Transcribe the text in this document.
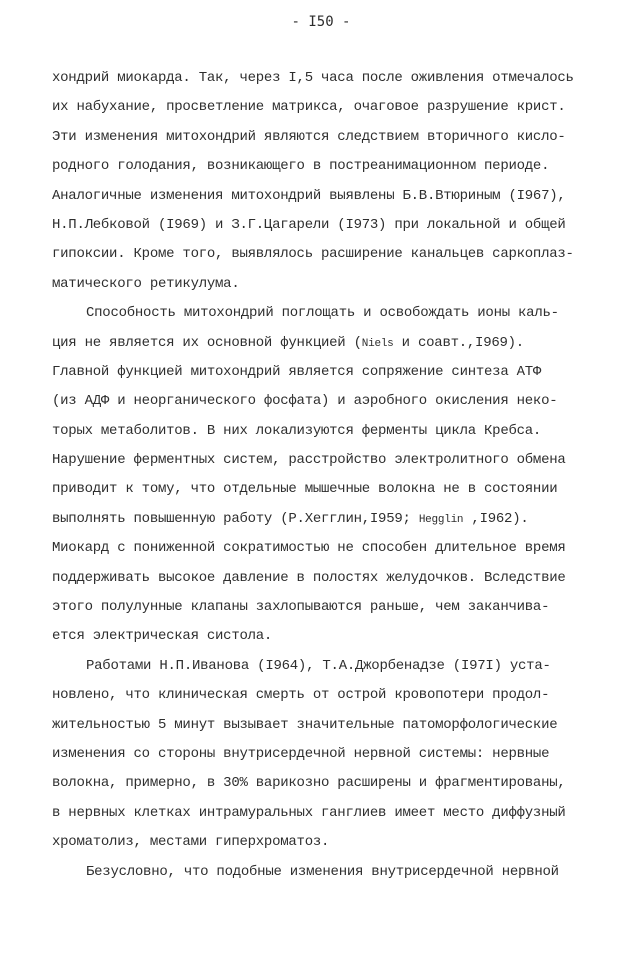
- I50 -
хондрий миокарда. Так, через I,5 часа после оживления отмечалось
их набухание, просветление матрикса, очаговое разрушение крист.
Эти изменения митохондрий являются следствием вторичного кисло-
родного голодания, возникающего в постреанимационном периоде.
Аналогичные изменения митохондрий выявлены Б.В.Втюриным (I967),
Н.П.Лебковой (I969) и З.Г.Цагарели (I973) при локальной и общей
гипоксии. Кроме того, выявлялось расширение канальцев саркоплаз-
матического ретикулума.
Способность митохондрий поглощать и освобождать ионы каль-
ция не является их основной функцией (Niels и соавт.,I969).
Главной функцией митохондрий является сопряжение синтеза АТФ
(из АДФ и неорганического фосфата) и аэробного окисления неко-
торых метаболитов. В них локализуются ферменты цикла Кребса.
Нарушение ферментных систем, расстройство электролитного обмена
приводит к тому, что отдельные мышечные волокна не в состоянии
выполнять повышенную работу (Р.Хегглин,I959; Hegglin ,I962).
Миокард с пониженной сократимостью не способен длительное время
поддерживать высокое давление в полостях желудочков. Вследствие
этого полулунные клапаны захлопываются раньше, чем заканчива-
ется электрическая систола.
Работами Н.П.Иванова (I964), Т.А.Джорбенадзе (I97I) уста-
новлено, что клиническая смерть от острой кровопотери продол-
жительностью 5 минут вызывает значительные патоморфологические
изменения со стороны внутрисердечной нервной системы: нервные
волокна, примерно, в 30% варикозно расширены и фрагментированы,
в нервных клетках интрамуральных ганглиев имеет место диффузный
хроматолиз, местами гиперхроматоз.
Безусловно, что подобные изменения внутрисердечной нервной
